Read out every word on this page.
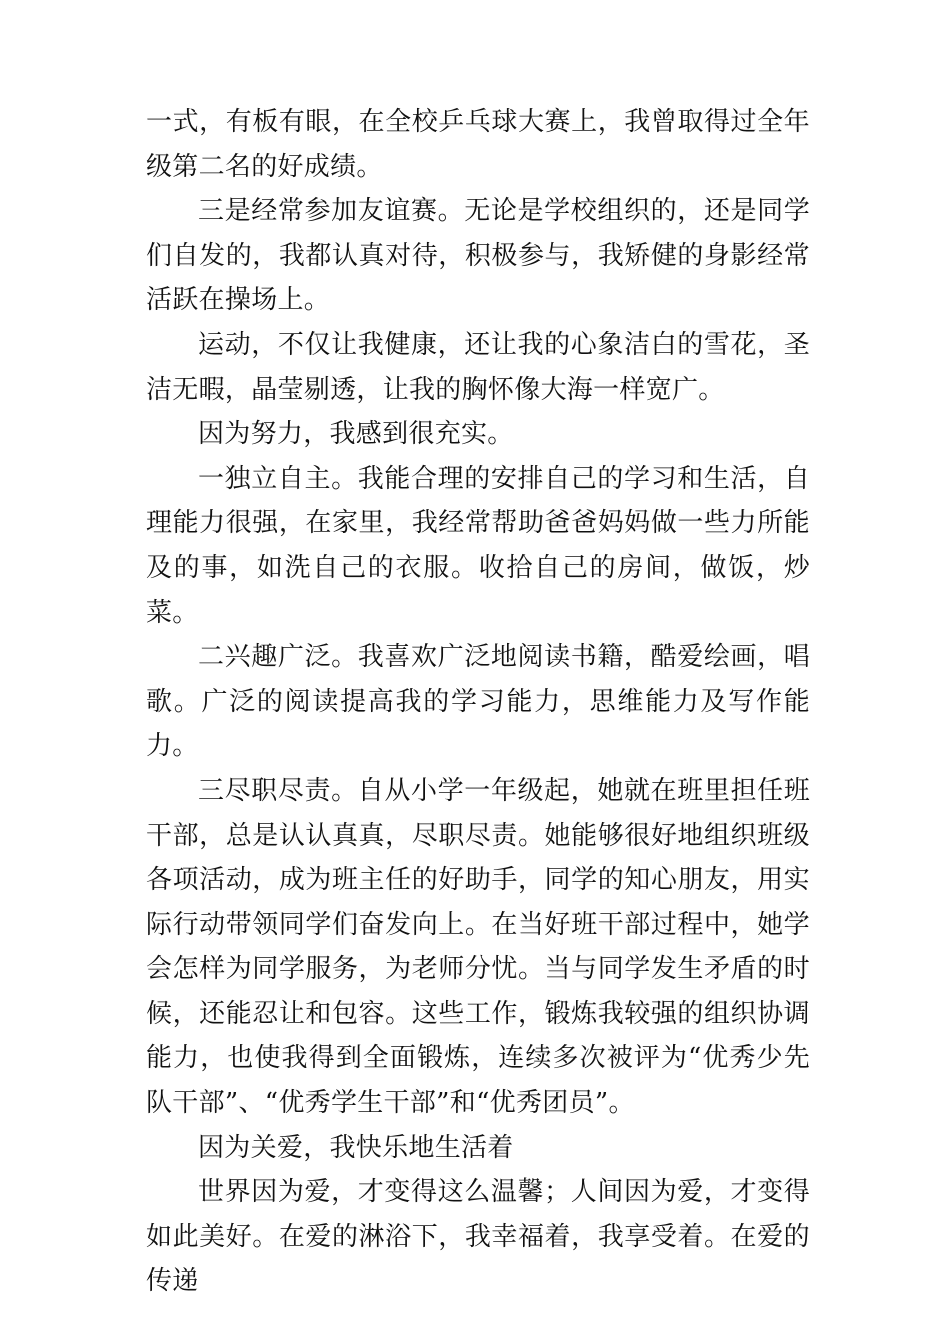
一式，有板有眼，在全校乒乓球大赛上，我曾取得过全年级第二名的好成绩。

三是经常参加友谊赛。无论是学校组织的，还是同学们自发的，我都认真对待，积极参与，我矫健的身影经常活跃在操场上。

运动，不仅让我健康，还让我的心象洁白的雪花，圣洁无暇，晶莹剔透，让我的胸怀像大海一样宽广。

因为努力，我感到很充实。

一独立自主。我能合理的安排自己的学习和生活，自理能力很强，在家里，我经常帮助爸爸妈妈做一些力所能及的事，如洗自己的衣服。收拾自己的房间，做饭，炒菜。

二兴趣广泛。我喜欢广泛地阅读书籍，酷爱绘画，唱歌。广泛的阅读提高我的学习能力，思维能力及写作能力。

三尽职尽责。自从小学一年级起，她就在班里担任班干部，总是认认真真，尽职尽责。她能够很好地组织班级各项活动，成为班主任的好助手，同学的知心朋友，用实际行动带领同学们奋发向上。在当好班干部过程中，她学会怎样为同学服务，为老师分忧。当与同学发生矛盾的时候，还能忍让和包容。这些工作，锻炼我较强的组织协调能力，也使我得到全面锻炼，连续多次被评为“优秀少先队干部”、“优秀学生干部”和“优秀团员”。

因为关爱，我快乐地生活着

世界因为爱，才变得这么温馨；人间因为爱，才变得如此美好。在爱的淋浴下，我幸福着，我享受着。在爱的传递
